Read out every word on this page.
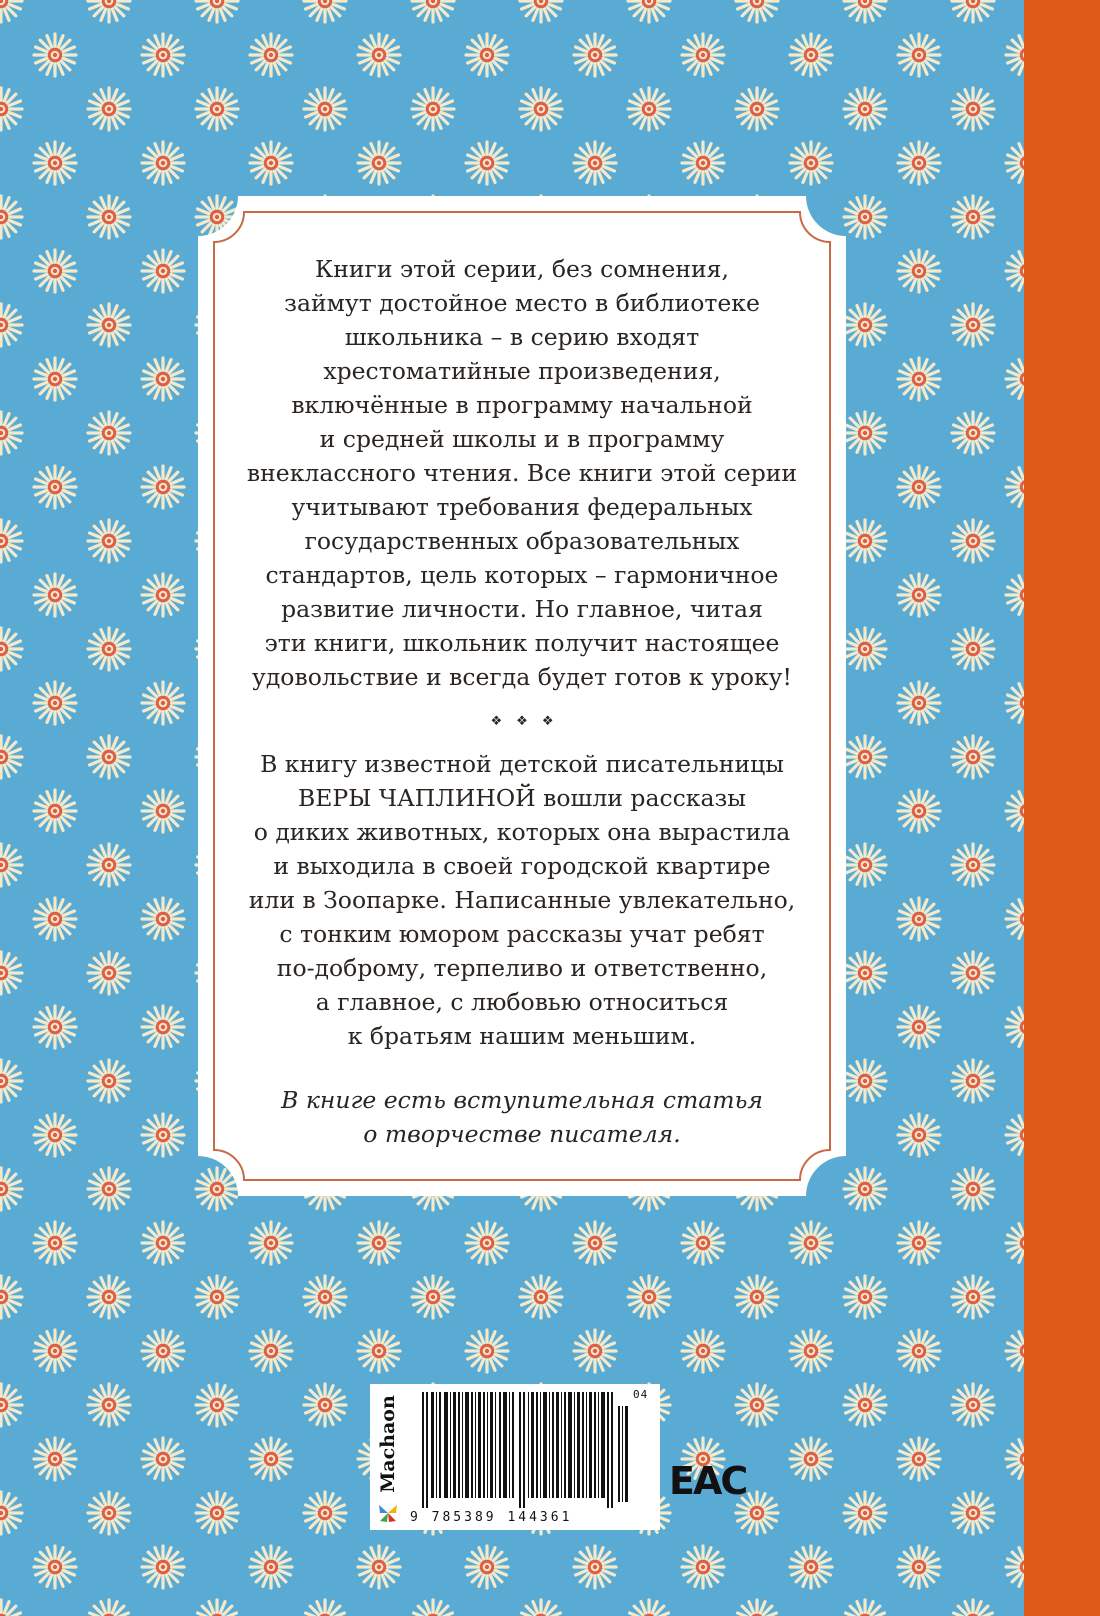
Книги этой серии, без сомнения,
займут достойное место в библиотеке
школьника – в серию входят
хрестоматийные произведения,
включённые в программу начальной
и средней школы и в программу
внеклассного чтения. Все книги этой серии
учитывают требования федеральных
государственных образовательных
стандартов, цель которых – гармоничное
развитие личности. Но главное, читая
эти книги, школьник получит настоящее
удовольствие и всегда будет готов к уроку!

❖❖❖

В книгу известной детской писательницы
ВЕРЫ ЧАПЛИНОЙ вошли рассказы
о диких животных, которых она вырастила
и выходила в своей городской квартире
или в Зоопарке. Написанные увлекательно,
с тонким юмором рассказы учат ребят
по-доброму, терпеливо и ответственно,
а главное, с любовью относиться
к братьям нашим меньшим.

В книге есть вступительная статья
о творчестве писателя.

Machaon
04
9 785389 144361
EAC
